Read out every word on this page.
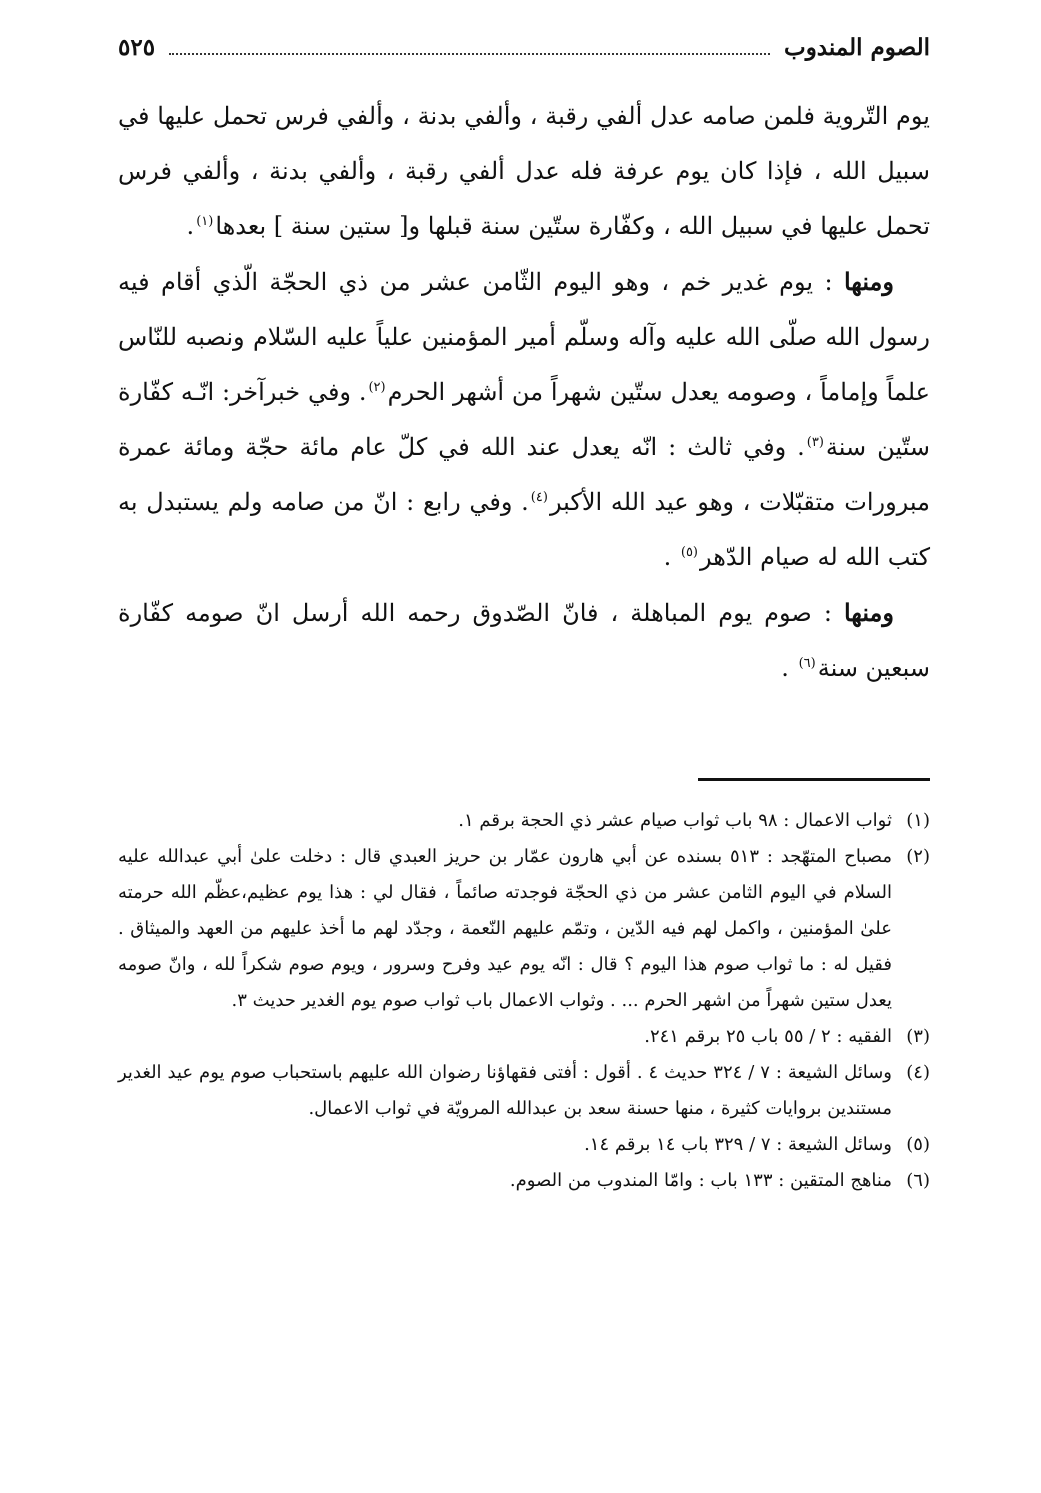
الصوم المندوب
٥٢٥

يوم التّروية فلمن صامه عدل ألفي رقبة ، وألفي بدنة ، وألفي فرس تحمل عليها في سبيل الله ، فإذا كان يوم عرفة فله عدل ألفي رقبة ، وألفي بدنة ، وألفي فرس تحمل عليها في سبيل الله ، وكفّارة ستّين سنة قبلها و[ ستين سنة ] بعدها$^{(١)}$.

ومنها : يوم غدير خم ، وهو اليوم الثّامن عشر من ذي الحجّة الّذي أقام فيه رسول الله صلّى الله عليه وآله وسلّم أمير المؤمنين علياً عليه السّلام ونصبه للنّاس علماً وإماماً ، وصومه يعدل ستّين شهراً من أشهر الحرم$^{(٢)}$. وفي خبرآخر: انّـه كفّارة ستّين سنة$^{(٣)}$. وفي ثالث : انّه يعدل عند الله في كلّ عام مائة حجّة ومائة عمرة مبرورات متقبّلات ، وهو عيد الله الأكبر$^{(٤)}$. وفي رابع : انّ من صامه ولم يستبدل به كتب الله له صيام الدّهر$^{(٥)}$ .

ومنها : صوم يوم المباهلة ، فانّ الصّدوق رحمه الله أرسل انّ صومه كفّارة سبعين سنة$^{(٦)}$ .

(١)
ثواب الاعمال : ٩٨ باب ثواب صيام عشر ذي الحجة برقم ١.

(٢)
مصباح المتهّجد : ٥١٣ بسنده عن أبي هارون عمّار بن حريز العبدي قال : دخلت علىٰ أبي عبدالله عليه السلام في اليوم الثامن عشر من ذي الحجّة فوجدته صائماً ، فقال لي : هذا يوم عظيم،عظّم الله حرمته علىٰ المؤمنين ، واكمل لهم فيه الدّين ، وتمّم عليهم النّعمة ، وجدّد لهم ما أخذ عليهم من العهد والميثاق . فقيل له : ما ثواب صوم هذا اليوم ؟ قال : انّه يوم عيد وفرح وسرور ، ويوم صوم شكراً لله ، وانّ صومه يعدل ستين شهراً من اشهر الحرم ... . وثواب الاعمال باب ثواب صوم يوم الغدير حديث ٣.

(٣)
الفقيه : ٢ / ٥٥ باب ٢٥ برقم ٢٤١.

(٤)
وسائل الشيعة : ٧ / ٣٢٤ حديث ٤ . أقول : أفتى فقهاؤنا رضوان الله عليهم باستحباب صوم يوم عيد الغدير مستندين بروايات كثيرة ، منها حسنة سعد بن عبدالله المرويّة في ثواب الاعمال.

(٥)
وسائل الشيعة : ٧ / ٣٢٩ باب ١٤ برقم ١٤.

(٦)
مناهج المتقين : ١٣٣ باب : وامّا المندوب من الصوم.
